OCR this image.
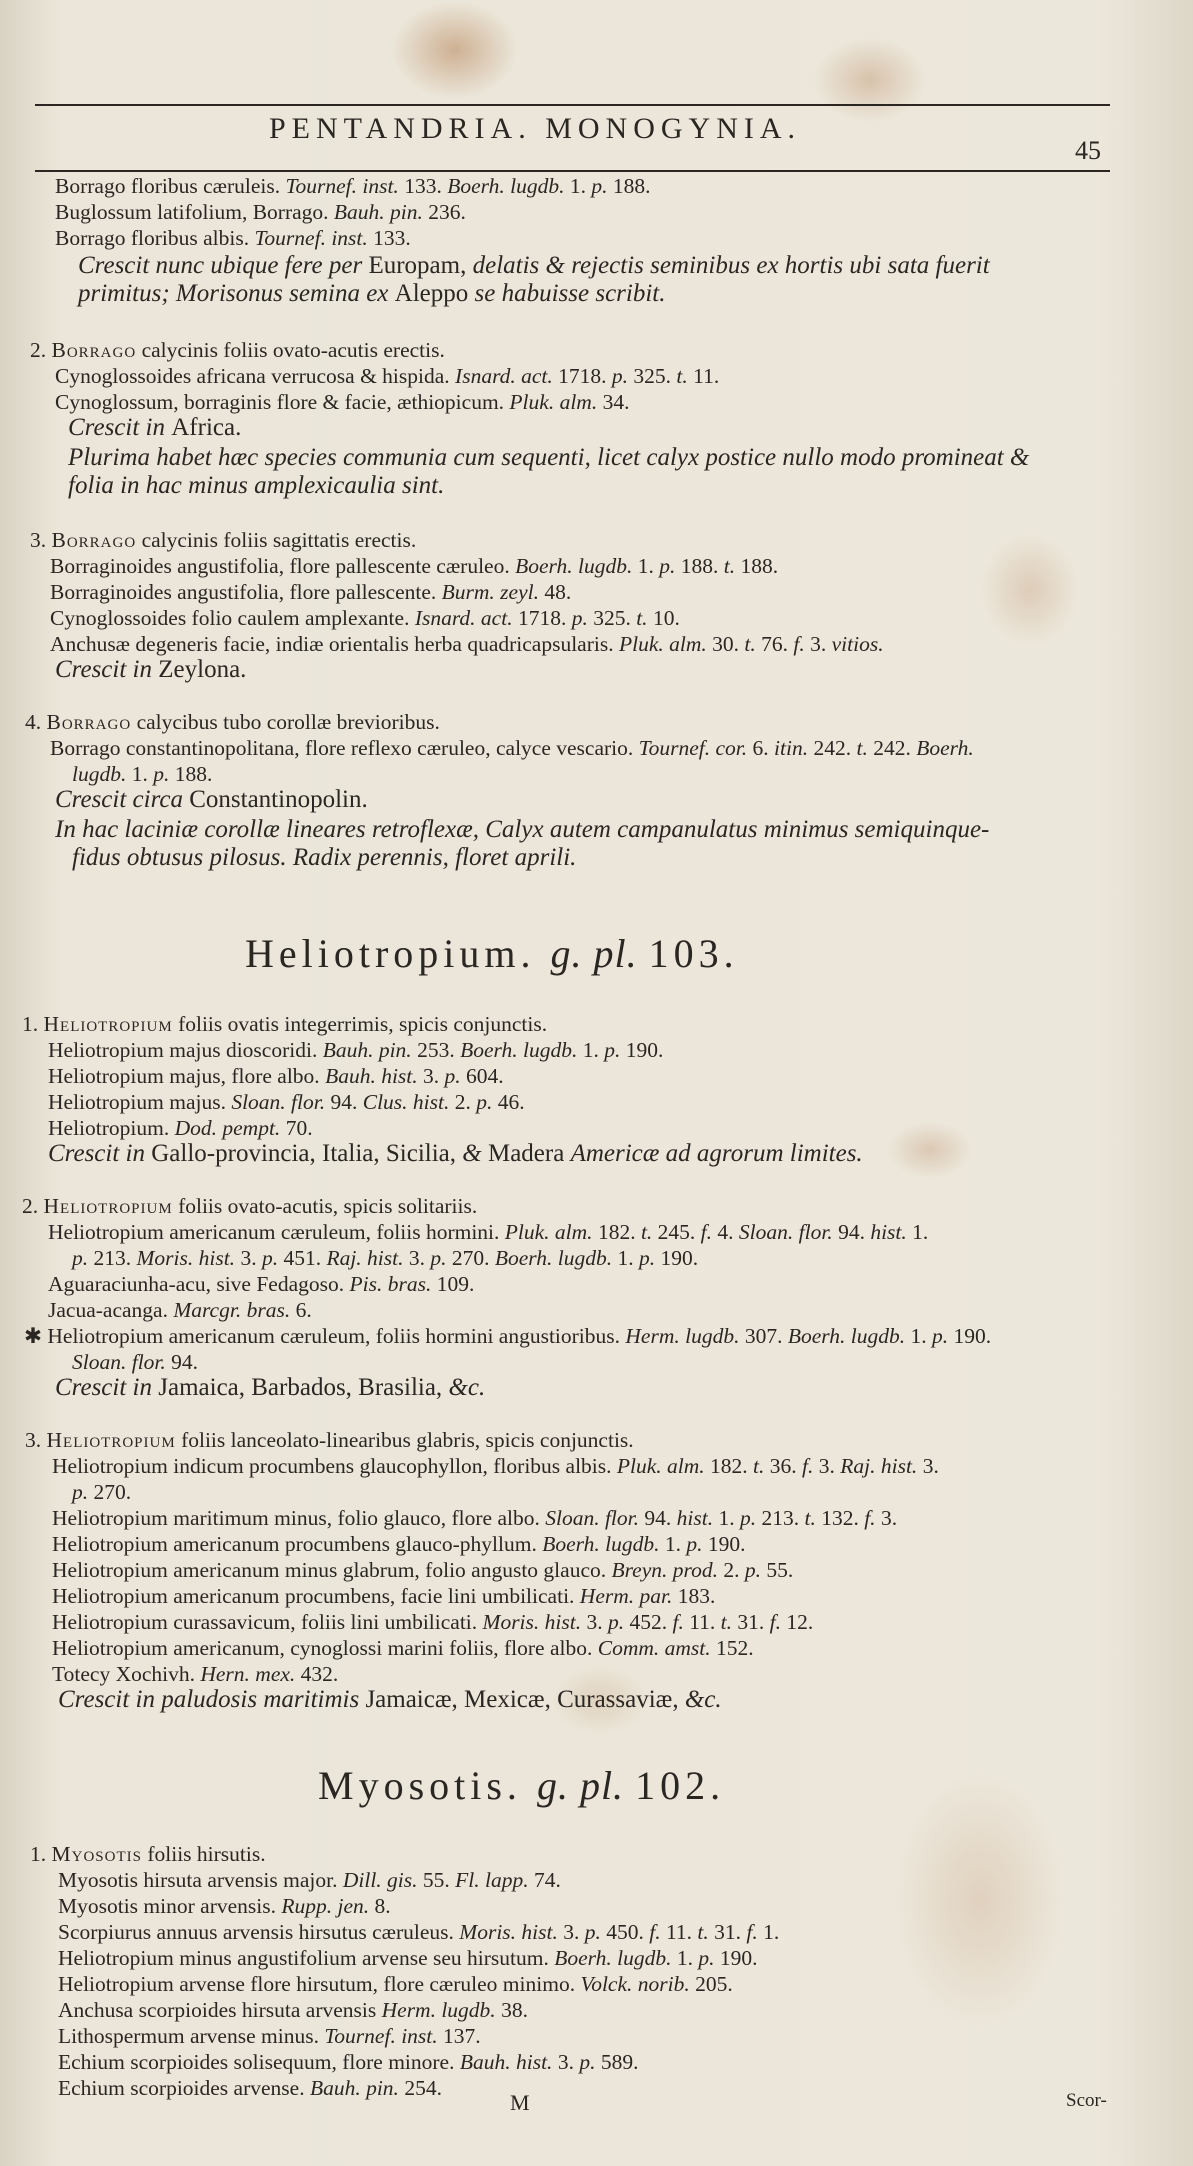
PENTANDRIA. MONOGYNIA.
45
Borrago floribus cæruleis. Tournef. inst. 133. Boerh. lugdb. 1. p. 188.
Buglossum latifolium, Borrago. Bauh. pin. 236.
Borrago floribus albis. Tournef. inst. 133.
Crescit nunc ubique fere per Europam, delatis & rejectis seminibus ex hortis ubi sata fuerit
primitus; Morisonus semina ex Aleppo se habuisse scribit.
2. Borrago calycinis foliis ovato-acutis erectis.
Cynoglossoides africana verrucosa & hispida. Isnard. act. 1718. p. 325. t. 11.
Cynoglossum, borraginis flore & facie, æthiopicum. Pluk. alm. 34.
Crescit in Africa.
Plurima habet hæc species communia cum sequenti, licet calyx postice nullo modo promineat &
folia in hac minus amplexicaulia sint.
3. Borrago calycinis foliis sagittatis erectis.
Borraginoides angustifolia, flore pallescente cæruleo. Boerh. lugdb. 1. p. 188. t. 188.
Borraginoides angustifolia, flore pallescente. Burm. zeyl. 48.
Cynoglossoides folio caulem amplexante. Isnard. act. 1718. p. 325. t. 10.
Anchusæ degeneris facie, indiæ orientalis herba quadricapsularis. Pluk. alm. 30. t. 76. f. 3. vitios.
Crescit in Zeylona.
4. Borrago calycibus tubo corollæ brevioribus.
Borrago constantinopolitana, flore reflexo cæruleo, calyce vescario. Tournef. cor. 6. itin. 242. t. 242. Boerh.
lugdb. 1. p. 188.
Crescit circa Constantinopolin.
In hac laciniæ corollæ lineares retroflexæ, Calyx autem campanulatus minimus semiquinque-
fidus obtusus pilosus. Radix perennis, floret aprili.
1. Heliotropium foliis ovatis integerrimis, spicis conjunctis.
Heliotropium majus dioscoridi. Bauh. pin. 253. Boerh. lugdb. 1. p. 190.
Heliotropium majus, flore albo. Bauh. hist. 3. p. 604.
Heliotropium majus. Sloan. flor. 94. Clus. hist. 2. p. 46.
Heliotropium. Dod. pempt. 70.
Crescit in Gallo-provincia, Italia, Sicilia, & Madera Americæ ad agrorum limites.
2. Heliotropium foliis ovato-acutis, spicis solitariis.
Heliotropium americanum cæruleum, foliis hormini. Pluk. alm. 182. t. 245. f. 4. Sloan. flor. 94. hist. 1.
p. 213. Moris. hist. 3. p. 451. Raj. hist. 3. p. 270. Boerh. lugdb. 1. p. 190.
Aguaraciunha-acu, sive Fedagoso. Pis. bras. 109.
Jacua-acanga. Marcgr. bras. 6.
✱ Heliotropium americanum cæruleum, foliis hormini angustioribus. Herm. lugdb. 307. Boerh. lugdb. 1. p. 190.
Sloan. flor. 94.
Crescit in Jamaica, Barbados, Brasilia, &c.
3. Heliotropium foliis lanceolato-linearibus glabris, spicis conjunctis.
Heliotropium indicum procumbens glaucophyllon, floribus albis. Pluk. alm. 182. t. 36. f. 3. Raj. hist. 3.
p. 270.
Heliotropium maritimum minus, folio glauco, flore albo. Sloan. flor. 94. hist. 1. p. 213. t. 132. f. 3.
Heliotropium americanum procumbens glauco-phyllum. Boerh. lugdb. 1. p. 190.
Heliotropium americanum minus glabrum, folio angusto glauco. Breyn. prod. 2. p. 55.
Heliotropium americanum procumbens, facie lini umbilicati. Herm. par. 183.
Heliotropium curassavicum, foliis lini umbilicati. Moris. hist. 3. p. 452. f. 11. t. 31. f. 12.
Heliotropium americanum, cynoglossi marini foliis, flore albo. Comm. amst. 152.
Totecy Xochivh. Hern. mex. 432.
Crescit in paludosis maritimis Jamaicæ, Mexicæ, Curassaviæ, &c.
1. Myosotis foliis hirsutis.
Myosotis hirsuta arvensis major. Dill. gis. 55. Fl. lapp. 74.
Myosotis minor arvensis. Rupp. jen. 8.
Scorpiurus annuus arvensis hirsutus cæruleus. Moris. hist. 3. p. 450. f. 11. t. 31. f. 1.
Heliotropium minus angustifolium arvense seu hirsutum. Boerh. lugdb. 1. p. 190.
Heliotropium arvense flore hirsutum, flore cæruleo minimo. Volck. norib. 205.
Anchusa scorpioides hirsuta arvensis Herm. lugdb. 38.
Lithospermum arvense minus. Tournef. inst. 137.
Echium scorpioides solisequum, flore minore. Bauh. hist. 3. p. 589.
Echium scorpioides arvense. Bauh. pin. 254.
Heliotropium. g. pl. 103.
Myosotis. g. pl. 102.
M	Scor-
